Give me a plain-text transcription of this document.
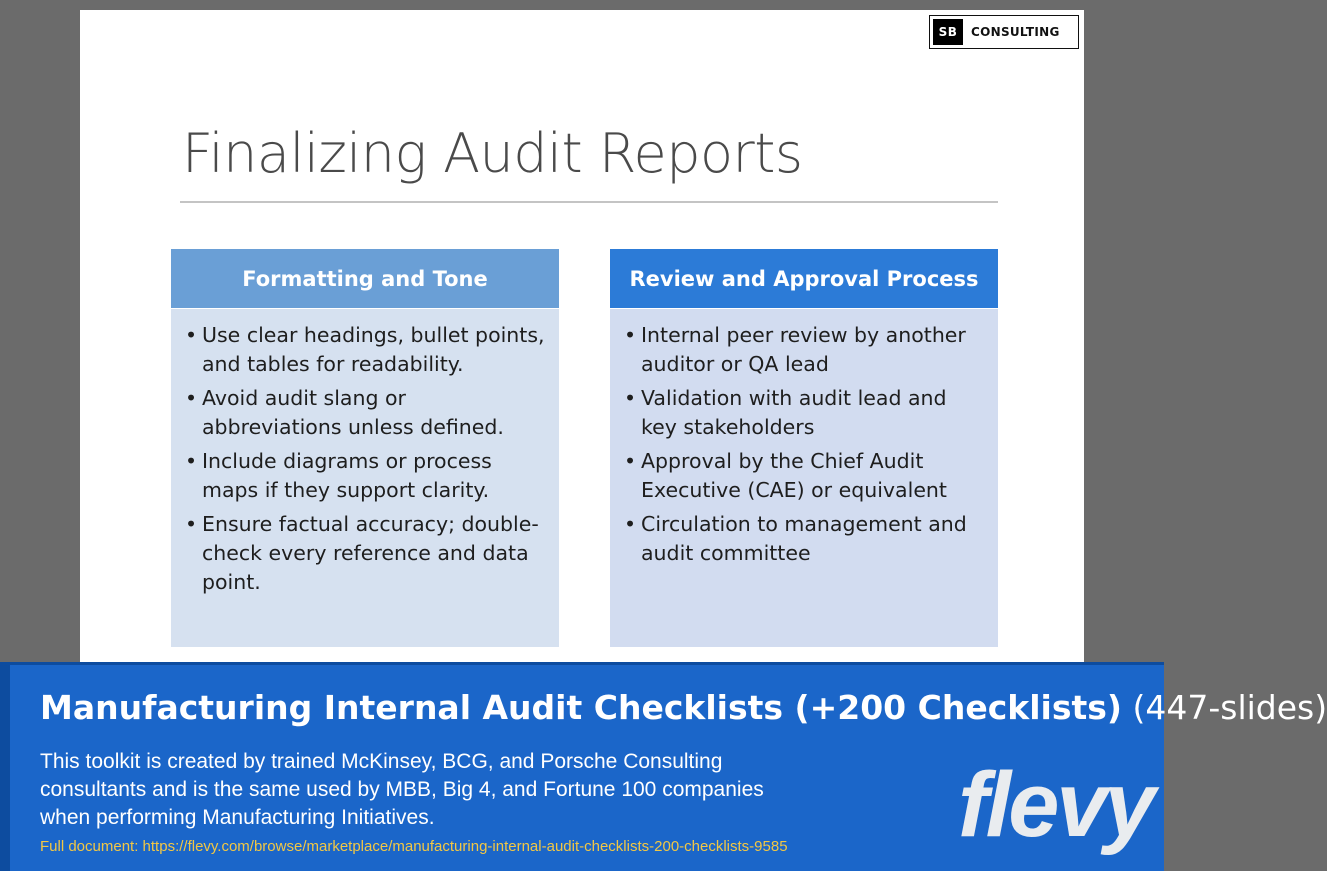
SB	CONSULTING
Finalizing Audit Reports
Formatting and Tone
• Use clear headings, bullet points, and tables for readability.
• Avoid audit slang or abbreviations unless defined.
• Include diagrams or process maps if they support clarity.
• Ensure factual accuracy; double-check every reference and data point.
Review and Approval Process
• Internal peer review by another auditor or QA lead
• Validation with audit lead and key stakeholders
• Approval by the Chief Audit Executive (CAE) or equivalent
• Circulation to management and audit committee
Manufacturing Internal Audit Checklists (+200 Checklists) (447-slides)
This toolkit is created by trained McKinsey, BCG, and Porsche Consulting consultants and is the same used by MBB, Big 4, and Fortune 100 companies when performing Manufacturing Initiatives.
Full document: https://flevy.com/browse/marketplace/manufacturing-internal-audit-checklists-200-checklists-9585 flevy
